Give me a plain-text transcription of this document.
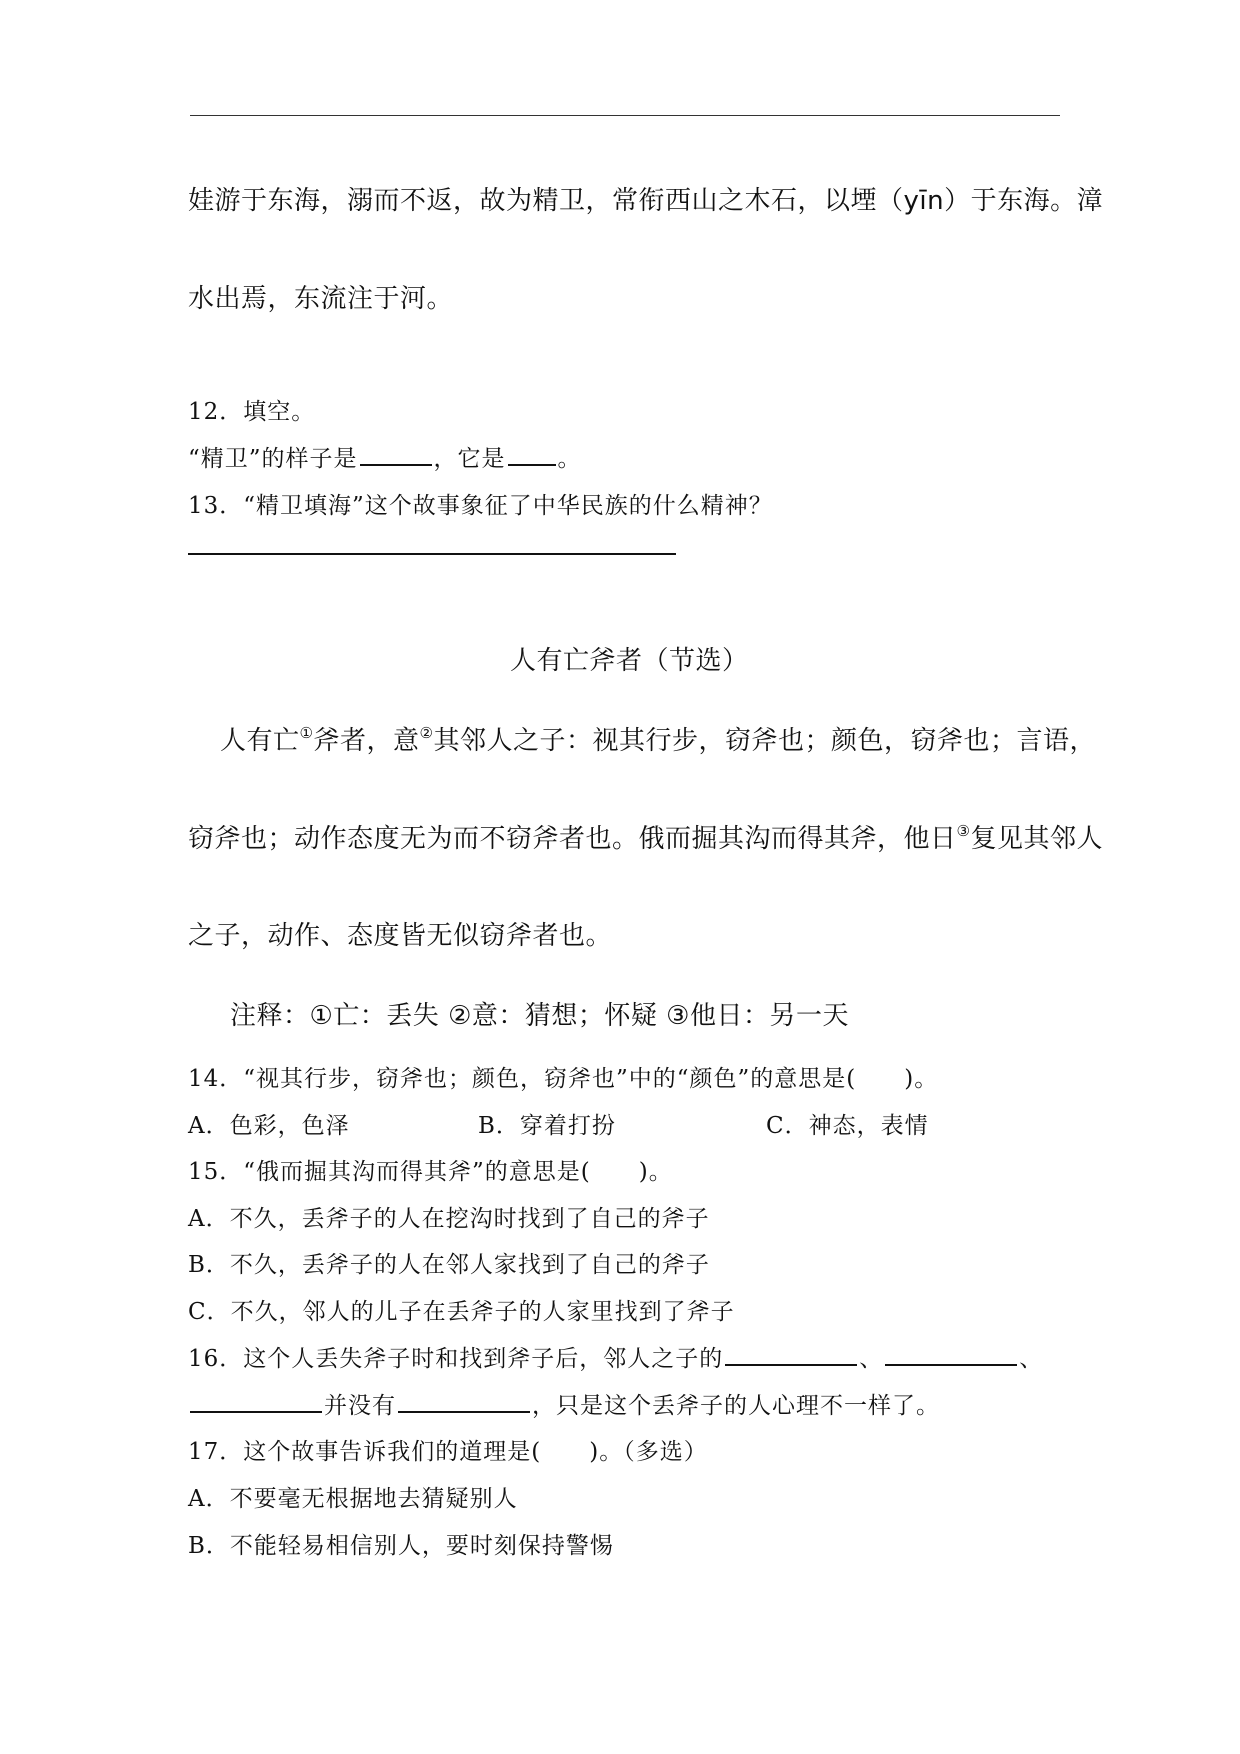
娃游于东海，溺而不返，故为精卫，常衔西山之木石，以堙（yīn）于东海。漳
水出焉，东流注于河。
12．填空。
“精卫”的样子是	，它是 。
13．“精卫填海”这个故事象征了中华民族的什么精神？
人有亡斧者（节选）
人有亡①斧者，意②其邻人之子：视其行步，窃斧也；颜色，窃斧也；言语，
窃斧也；动作态度无为而不窃斧者也。俄而掘其沟而得其斧，他日③复见其邻人
之子，动作、态度皆无似窃斧者也。
注释：①亡：丢失 ②意：猜想；怀疑 ③他日：另一天
14．“视其行步，窃斧也；颜色，窃斧也”中的“颜色”的意思是(　　)。
A．色彩，色泽	B．穿着打扮	C．神态，表情
15．“俄而掘其沟而得其斧”的意思是(　　)。
A．不久，丢斧子的人在挖沟时找到了自己的斧子
B．不久，丢斧子的人在邻人家找到了自己的斧子
C．不久，邻人的儿子在丢斧子的人家里找到了斧子
16．这个人丢失斧子时和找到斧子后，邻人之子的	、	、
并没有	，只是这个丢斧子的人心理不一样了。
17．这个故事告诉我们的道理是(　　)。（多选）
A．不要毫无根据地去猜疑别人
B．不能轻易相信别人，要时刻保持警惕
